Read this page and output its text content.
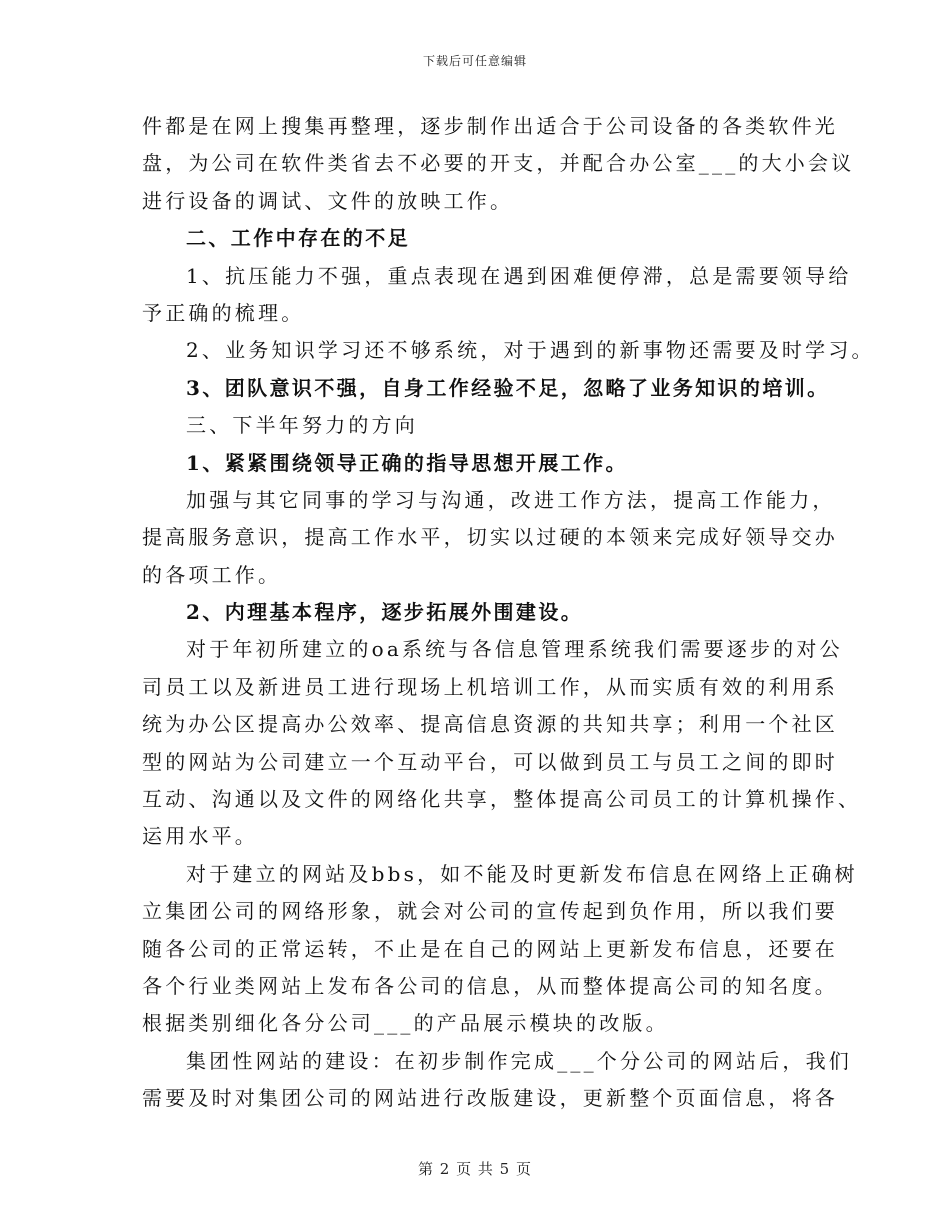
下载后可任意编辑
件都是在网上搜集再整理，逐步制作出适合于公司设备的各类软件光
盘，为公司在软件类省去不必要的开支，并配合办公室___的大小会议
进行设备的调试、文件的放映工作。
二、工作中存在的不足
1、抗压能力不强，重点表现在遇到困难便停滞，总是需要领导给
予正确的梳理。
2、业务知识学习还不够系统，对于遇到的新事物还需要及时学习。
3、团队意识不强，自身工作经验不足，忽略了业务知识的培训。
三、下半年努力的方向
1、紧紧围绕领导正确的指导思想开展工作。
加强与其它同事的学习与沟通，改进工作方法，提高工作能力，
提高服务意识，提高工作水平，切实以过硬的本领来完成好领导交办
的各项工作。
2、内理基本程序，逐步拓展外围建设。
对于年初所建立的oa系统与各信息管理系统我们需要逐步的对公
司员工以及新进员工进行现场上机培训工作，从而实质有效的利用系
统为办公区提高办公效率、提高信息资源的共知共享；利用一个社区
型的网站为公司建立一个互动平台，可以做到员工与员工之间的即时
互动、沟通以及文件的网络化共享，整体提高公司员工的计算机操作、
运用水平。
对于建立的网站及bbs，如不能及时更新发布信息在网络上正确树
立集团公司的网络形象，就会对公司的宣传起到负作用，所以我们要
随各公司的正常运转，不止是在自己的网站上更新发布信息，还要在
各个行业类网站上发布各公司的信息，从而整体提高公司的知名度。
根据类别细化各分公司___的产品展示模块的改版。
集团性网站的建设：在初步制作完成___个分公司的网站后，我们
需要及时对集团公司的网站进行改版建设，更新整个页面信息，将各
第 2 页 共 5 页
